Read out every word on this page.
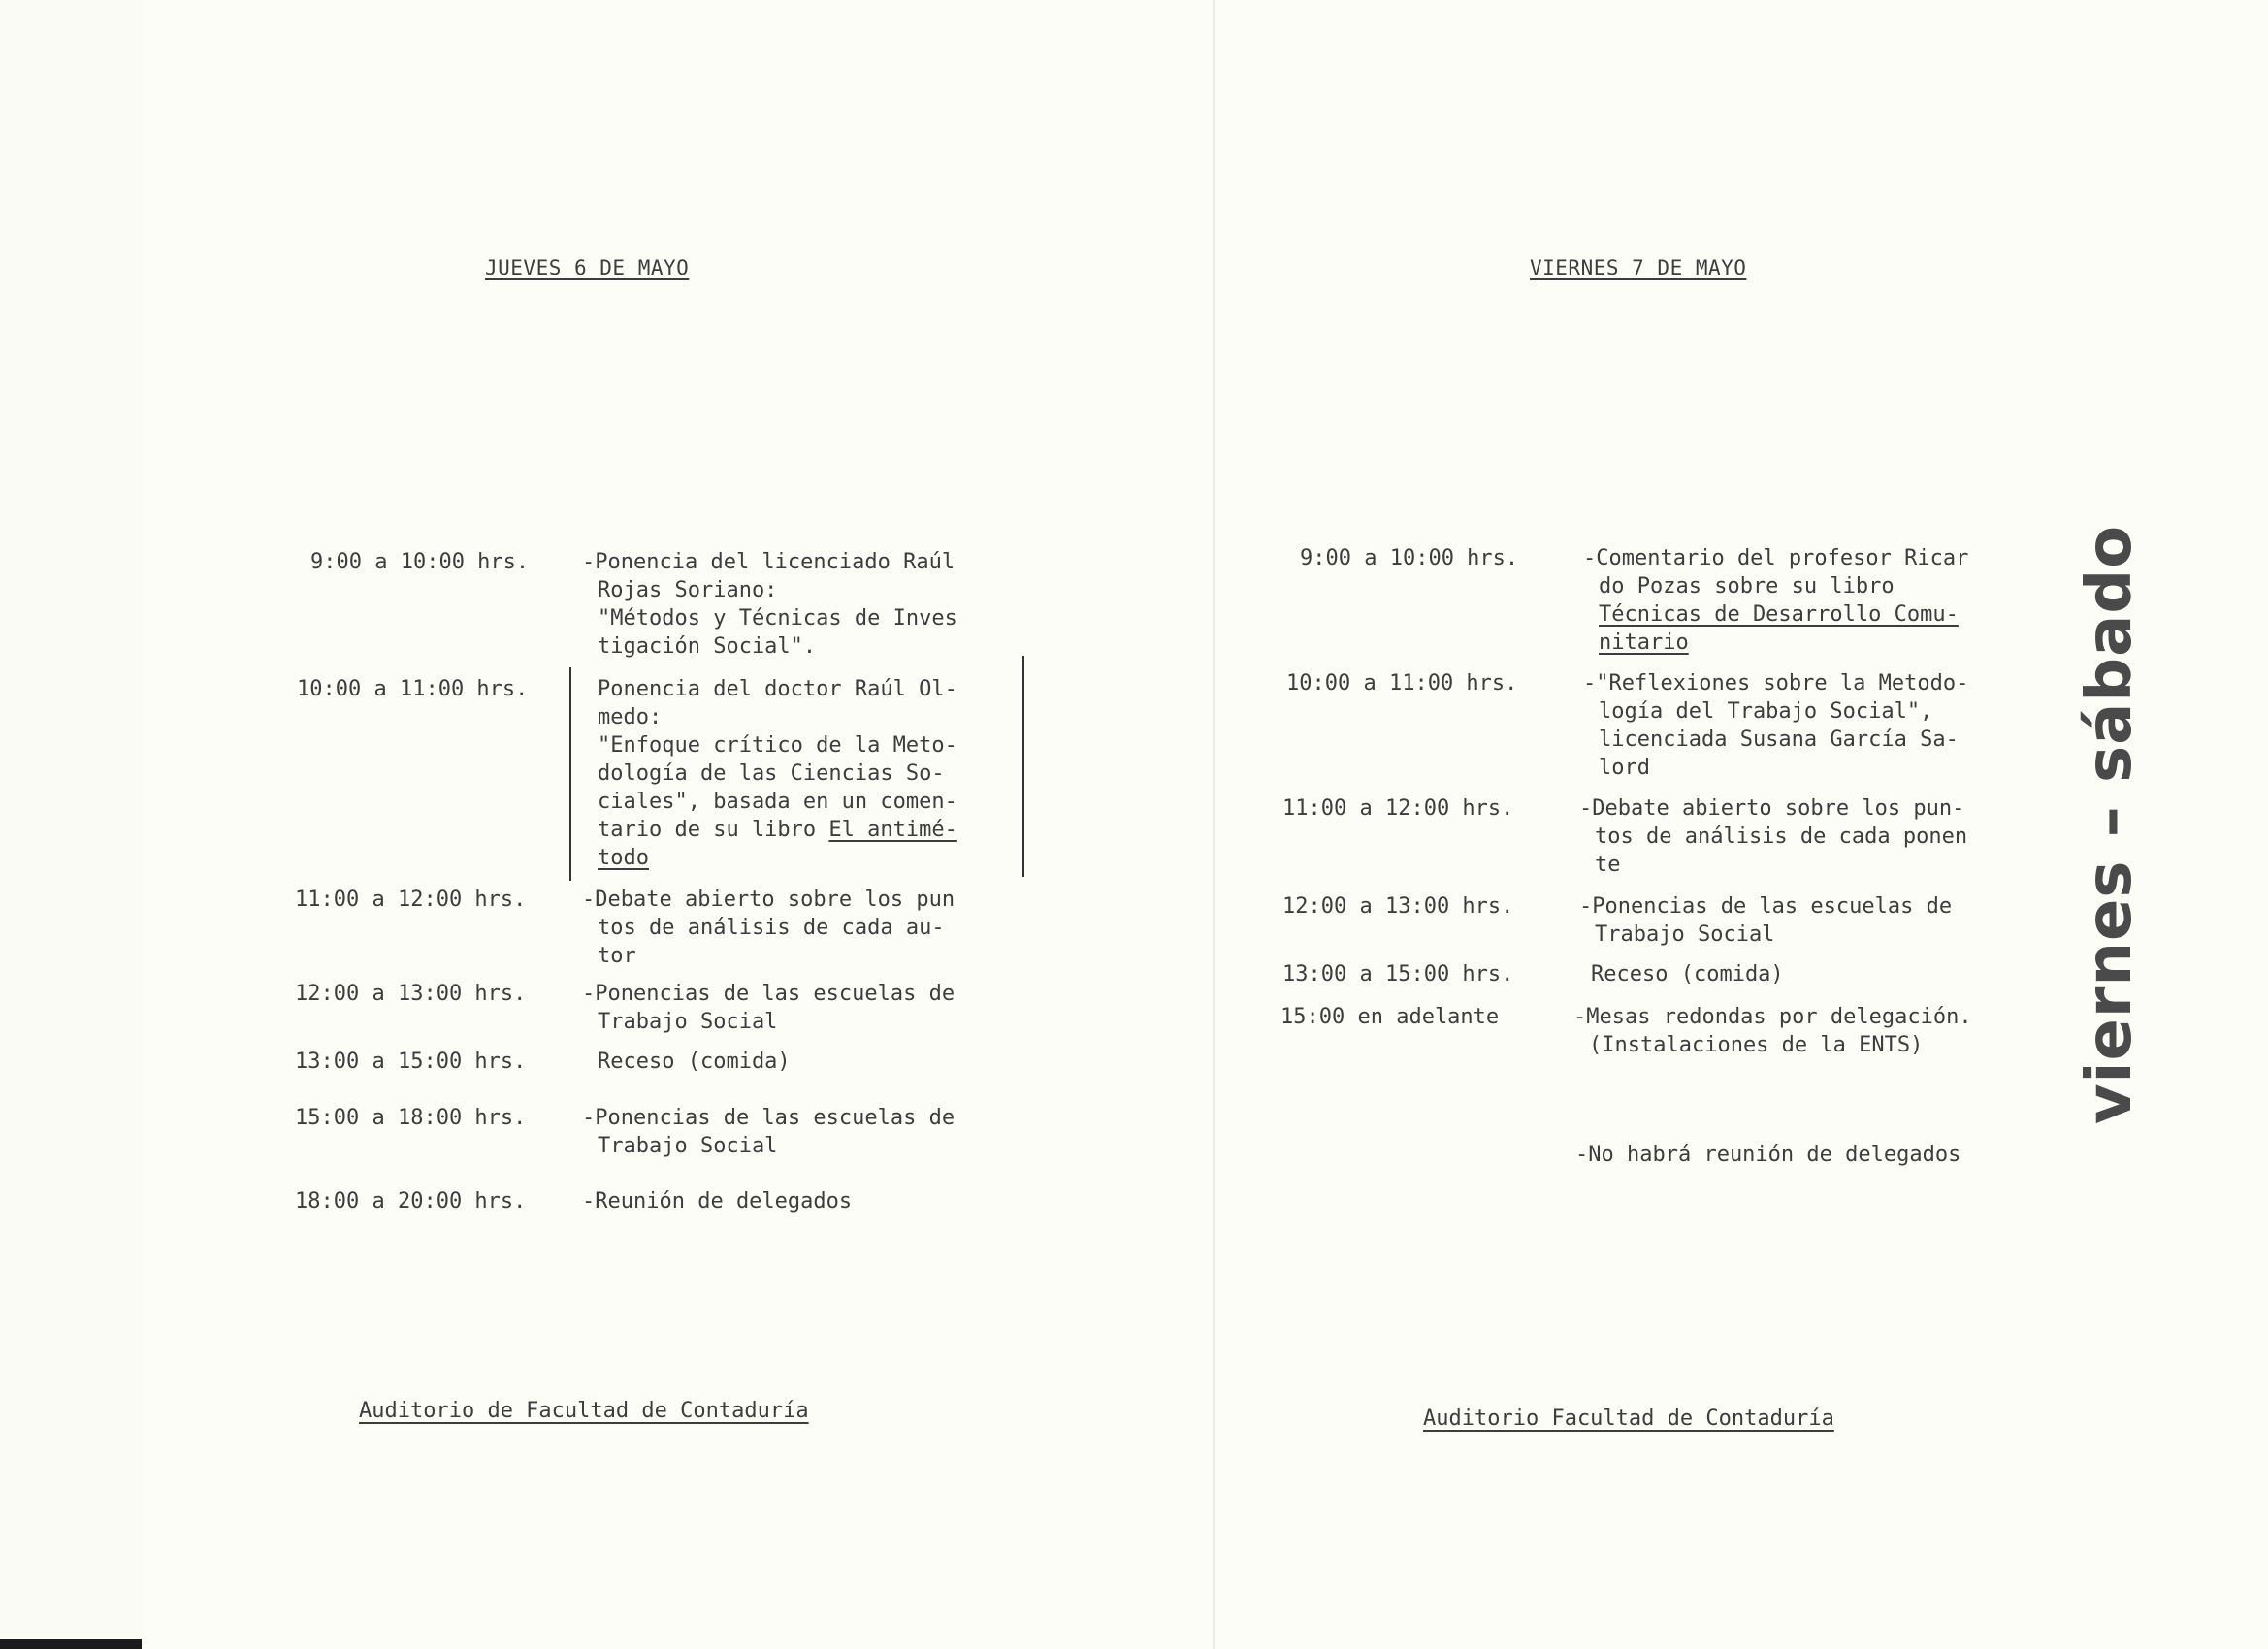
JUEVES 6 DE MAYO
9:00 a 10:00 hrs. -Ponencia del licenciado Raúl
Rojas Soriano:
"Métodos y Técnicas de Inves
tigación Social".
10:00 a 11:00 hrs.	Ponencia del doctor Raúl Ol-
medo:
"Enfoque crítico de la Meto-
dología de las Ciencias So-
ciales", basada en un comen-
tario de su libro El antimé-
todo
11:00 a 12:00 hrs.	-Debate abierto sobre los pun
tos de análisis de cada au-
tor
12:00 a 13:00 hrs.	-Ponencias de las escuelas de
Trabajo Social
13:00 a 15:00 hrs.	Receso (comida)
15:00 a 18:00 hrs.	-Ponencias de las escuelas de
Trabajo Social
18:00 a 20:00 hrs.	-Reunión de delegados
Auditorio de Facultad de Contaduría
VIERNES 7 DE MAYO
9:00 a 10:00 hrs.	-Comentario del profesor Ricar
do Pozas sobre su libro
Técnicas de Desarrollo Comu-
nitario
10:00 a 11:00 hrs.	-"Reflexiones sobre la Metodo-
logía del Trabajo Social",
licenciada Susana García Sa-
lord
11:00 a 12:00 hrs.	-Debate abierto sobre los pun-
tos de análisis de cada ponen
te
12:00 a 13:00 hrs.	-Ponencias de las escuelas de
Trabajo Social
13:00 a 15:00 hrs.	Receso (comida)
15:00 en adelante	-Mesas redondas por delegación.
(Instalaciones de la ENTS)
-No habrá reunión de delegados
Auditorio Facultad de Contaduría
viernes – sábado
